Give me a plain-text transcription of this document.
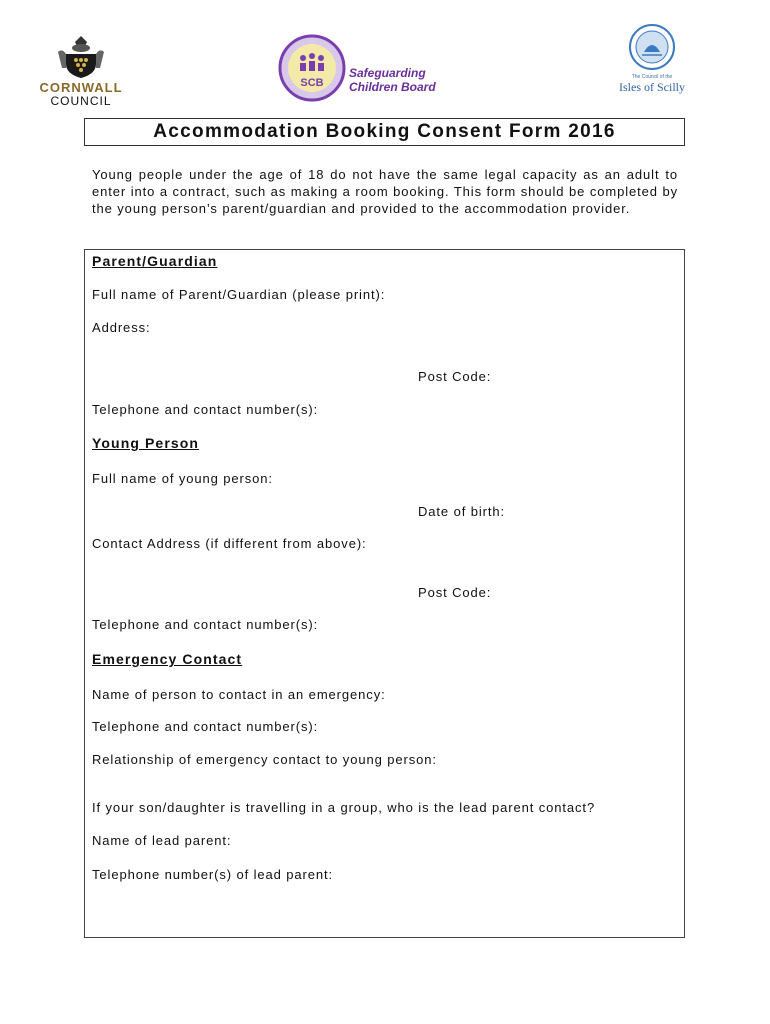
CORNWALL
COUNCIL
SCB
Safeguarding
Children Board
The Council of the
Isles of Scilly
Accommodation Booking Consent Form 2016
Young people under the age of 18 do not have the same legal capacity as an adult to enter into a contract, such as making a room booking. This form should be completed by the young person’s parent/guardian and provided to the accommodation provider.
Parent/Guardian
Full name of Parent/Guardian (please print):
Address:
Post Code:
Telephone and contact number(s):
Young Person
Full name of young person:
Date of birth:
Contact Address (if different from above):
Post Code:
Telephone and contact number(s):
Emergency Contact
Name of person to contact in an emergency:
Telephone and contact number(s):
Relationship of emergency contact to young person:
If your son/daughter is travelling in a group, who is the lead parent contact?
Name of lead parent:
Telephone number(s) of lead parent:
